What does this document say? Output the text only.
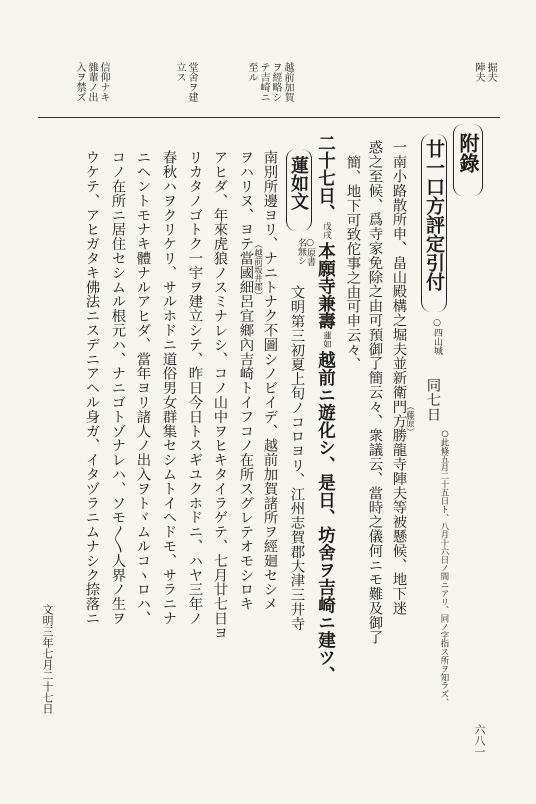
掘夫
陣夫
越前加賀
ヲ經略シ
テ吉崎ニ
至ル
堂舍ヲ建
立ス
信仰ナキ
雜輩ノ出
入ヲ禁ズ
附錄
廿一口方評定引付
○四山城
同七日
○此條五月二十五日ト、八月十六日ノ間ニアリ、同ノ字指ス所ヲ知ラズ、
一南小路散所申、畠山殿構之堀夫並新衛門方勝龍寺陣夫等被懸候、地下迷
（藤原）
惑之至候、爲寺家免除之由可預御了簡云々、衆議云、當時之儀何ニモ難及御了
簡、地下可致佗事之由可申云々、
二十七日、
戊戌
本願寺兼壽
蓮如
越前ニ遊化シ、是日、坊舍ヲ吉崎ニ建ツ、
蓮如文
○原書名無シ
文明第三初夏上旬ノコロヨリ、江州志賀郡大津三井寺
南別所邊ヨリ、ナニトナク不圖シノビイデ、越前加賀諸所ヲ經廻セシメ
ヲハリヌ、ヨテ當國細呂宜鄉內吉崎トイフコノ在所スグレテオモシロキ （越前坂井郡）
アヒダ、年來虎狼ノスミナレシ、コノ山中ヲヒキタイラゲテ、七月廿七日ヨ
リカタノゴトク一宇ヲ建立シテ、昨日今日トスギユクホドニ、ハヤ三年ノ
春秋ハヲクリケリ、サルホドニ道俗男女群集セシムトイヘドモ、サラニナ
ニヘントモナキ體ナルアヒダ、當年ヨリ諸人ノ出入ヲトヾムルコヽロハ、
コノ在所ニ居住セシムル根元ハ、ナニゴトゾナレハ、ソモ〳〵人界ノ生ヲ
ウケテ、アヒガタキ佛法ニスデニアヘル身ガ、イタヅラニムナシク捺落ニ
文明三年七月二十七日
六八一
